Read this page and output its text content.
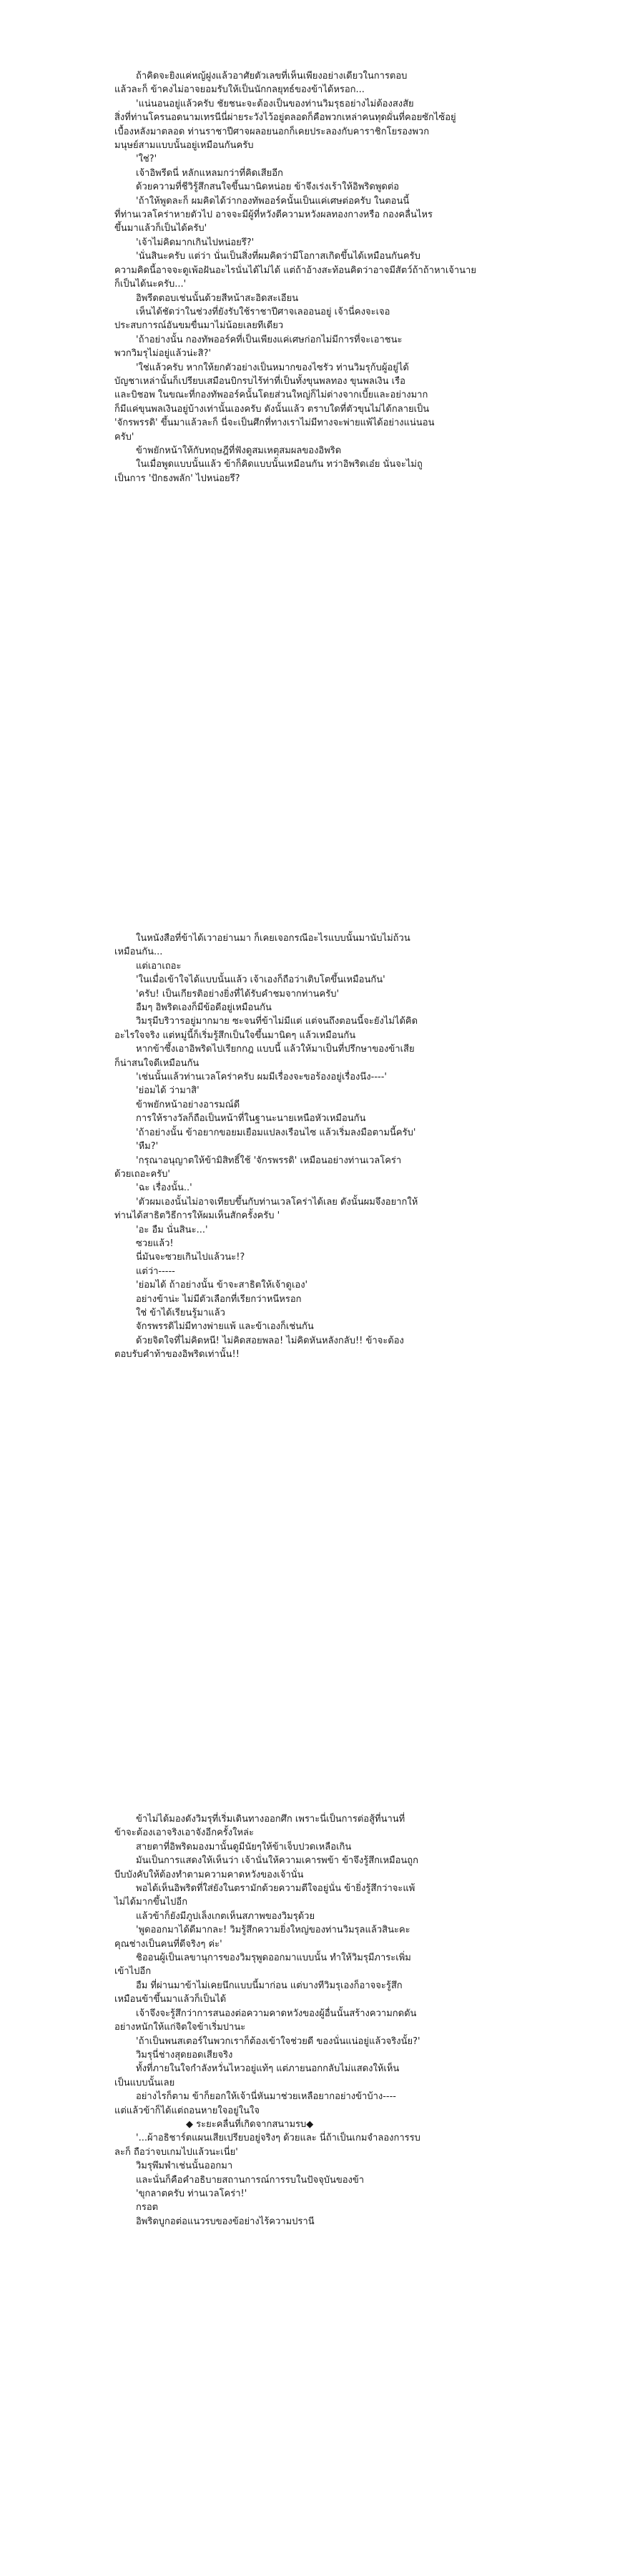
ถ้าคิดจะยิงแค่หญ้ฝูงแล้วอาศัยตัวเลขที่เห็นเพียงอย่างเดียวในการตอบ

แล้วละก็ ข้าคงไม่อาจยอมรับให้เป็นนักกลยุทธ์ของข้าได้หรอก...

'แน่นอนอยู่แล้วครับ ชัยชนะจะต้องเป็นของท่านวิมรุธอย่างไม่ต้องสงสัย

สิ่งที่ท่านโครนอดนามเทรนีนี่ผ่ายระวังไว้อยู่ตลอดก็คือพวกเหล่าคนทุดผั่นที่คอยซักไซ้อยู่

เบื้องหลังมาตลอด ท่านราชาปีศาจผลอยนอกก็เคยประลองกับคาราชิกโยรองพวก

มนุษย์สามแบบนั้นอยู่เหมือนกันครับ

'ใช่?'

เจ้าอิพรีดนี่ หลักแหลมกว่าที่คิดเสียอีก

ด้วยความที่ชีวิรู้สึกสนใจขึ้นมานิดหน่อย ข้าจึงเร่งเร้าให้อิพริดพูดต่อ

'ถ้าให้พูดละก็ ผมคิดได้ว่ากองทัพออร์คนั้นเป็นแค่เศษต่อครับ ในตอนนี้

ที่ท่านเวลโคร่าหายตัวไป อาจจะมีผู้ที่หวังตีความหวังผลทองกางหรือ กองคลื่นไหร

ขึ้นมาแล้วก็เป็นได้ครับ'

'เจ้าไม่คิดมากเกินไปหน่อยรึ?'

'นั่นสินะครับ แต่ว่า นั่นเป็นสิ่งที่ผมคิดว่ามีโอกาสเกิดขึ้นได้เหมือนกันครับ

ความคิดนี้อาจจะดูเพ้อฝันอะไรนั่นได้ไม่ได้ แต่ถ้าอ้างสะท้อนคิดว่าอาจมีสัตว์ถ้าถ้าหาเจ้านาย

ก็เป็นได้นะครับ...'

อิพรีดตอบเช่นนั้นด้วยสีหน้าสะอิดสะเอียน

เห็นได้ชัดว่าในช่วงที่ยังรับใช้ราชาปีศาจเลออนอยู่ เจ้านี่คงจะเจอ

ประสบการณ์อันขมขื่นมาไม่น้อยเลยทีเดียว

'ถ้าอย่างนั้น กองทัพออร์คที่เป็นเพียงแค่เศษก่อกไม่มีการที่จะเอาชนะ

พวกวิมรุไม่อยู่แล้วน่ะสิ?'

'ใช่แล้วครับ หากให้ยกตัวอย่างเป็นหมากของไซรัว ท่านวิมรุก้บผู้อยู่ได้

บัญชาเหล่านั้นก็เปรียบเสมือนบิกรบไร้ท่าที่เป็นทั้งขุนพลทอง ขุนพลเงิน เรือ

และบิชอพ ในขณะที่กองทัพออร์คนั้นโดยส่วนใหญ่ก็ไม่ต่างจากเบี้ยและอย่างมาก

ก็มีแค่ขุนพลเงินอยู่บ้างเท่านั้นเองครับ ดังนั้นแล้ว ตราบใดที่ตัวขุนไม่ได้กลายเป็น

'จักรพรรดิ' ขึ้นมาแล้วละก็ นี่จะเป็นศึกที่ทางเราไม่มีทางจะพ่ายแพ้ได้อย่างแน่นอน

ครับ'

ข้าพยักหน้าให้กับทฤษฎีที่ฟังดูสมเหตุสมผลของอิพริด

ในเมื่อพูดแบบนั้นแล้ว ข้าก็คิดแบบนั้นเหมือนกัน ทว่าอิพริดเอ๋ย นั่นจะไม่ถู

เป็นการ 'ปักธงพลัก' ไปหน่อยรึ?

ในหนังสือที่ข้าได้เวาอย่านมา ก็เคยเจอกรณีอะไรแบบนั้นมานับไม่ถ้วน

เหมือนกัน...

แต่เอาเถอะ

'ในเมื่อเข้าใจได้แบบนั้นแล้ว เจ้าเองก็ถือว่าเติบโตขึ้นเหมือนกัน'

'ครับ! เป็นเกียรติอย่างยิ่งที่ได้รับคำชมจากท่านครับ'

อืมๆ อิพริดเองก็มีข้อดีอยู่เหมือนกัน

วิมรุมีบริวารอยู่มากมาย ซะจนที่ข้าไม่มีแต่ แต่จนถึงตอนนี้จะยังไม่ได้คิด

อะไรใจจริง แต่หมู่นี้ก็เริ่มรู้สึกเป็นใจขึ้นมานิดๆ แล้วเหมือนกัน

หากข้าซึ้งเอาอิพริดไปเรียกกฎ แบบนี้ แล้วให้มาเป็นที่ปรึกษาของข้าเสีย

ก็น่าสนใจดีเหมือนกัน

'เช่นนั้นแล้วท่านเวลโคร่าครับ ผมมีเรื่องจะขอร้องอยู่เรื่องนึง----'

'ย่อมได้ ว่ามาสิ'

ข้าพยักหน้าอย่างอารมณ์ดี

การให้รางวัลก็ถือเป็นหน้าที่ในฐานะนายเหนือหัวเหมือนกัน

'ถ้าอย่างนั้น ข้าอยากขอยมเยือมแปลงเรือนไซ แล้วเริ่มลงมือตามนี้ครับ'

'หืม?'

'กรุณาอนุญาตให้ข้ามิสิทธิ์ใช้ 'จักรพรรดิ' เหมือนอย่างท่านเวลโคร่า

ด้วยเถอะครับ'

'ฉะ เรื่องนั้น..'

'ตัวผมเองนั้นไม่อาจเทียบขึ้นกับท่านเวลโคร่าได้เลย ดังนั้นผมจึงอยากให้

ท่านได้สาธิตวิธีการให้ผมเห็นสักครั้งครับ '

'อะ อืม นั่นสินะ...'

ซวยแล้ว!

นี่มันจะซวยเกินไปแล้วนะ!?

แต่ว่า-----

'ย่อมได้ ถ้าอย่างนั้น ข้าจะสาธิตให้เจ้าดูเอง'

อย่างข้าน่ะ ไม่มีตัวเลือกที่เรียกว่าหนีหรอก

ใช่ ข้าได้เรียนรู้มาแล้ว

จักรพรรดิไม่มีทางพ่ายแพ้ และข้าเองก็เช่นกัน

ด้วยจิตใจที่ไม่คิดหนี! ไม่คิดสอยพลอ! ไม่คิดหันหลังกลับ!! ข้าจะต้อง

ตอบรับคำท้าของอิพริดเท่านั้น!!

ข้าไม่ได้มองดังวิมรุที่เริ่มเดินทางออกศึก เพราะนี่เป็นการต่อสู้ที่นานที่

ข้าจะต้องเอาจริงเอาจังอีกครั้งใหล่ะ

สายตาที่อิพริดมองมานั้นดูมีนัยๆให้ข้าเจ็บปวดเหลือเกิน

มันเป็นการแสดงให้เห็นว่า เจ้านั่นให้ความเคารพข้า ข้าจึงรู้สึกเหมือนถูก

บีบบังคับให้ต้องทำตามความคาดหวังของเจ้านั่น

พอได้เห็นอิพริดที่ใส่ยังในตรามักด้วยความตีใจอยู่นั่น ข้ายิ่งรู้สึกว่าจะแพ้

ไม่ได้มากขึ้นไปอีก

แล้วข้าก็ยังมีภูปเล็งเกตเห็นสภาพของวิมรุด้วย

'พูดออกมาได้ดีมากละ! วิมรู้สึกความยิ่งใหญ่ของท่านวิมรุลแล้วสินะคะ

คุณช่างเป็นคนที่ดีจริงๆ ค่ะ'

ชิออนผู้เป็นเลขานุการของวิมรุพูดออกมาแบบนั้น ทำให้วิมรุมีภาระเพิ่ม

เข้าไปอีก

อืม ที่ผ่านมาข้าไม่เคยนึกแบบนี้มาก่อน แต่บางทีวิมรุเองก็อาจจะรู้สึก

เหมือนข้าขึ้นมาแล้วก็เป็นได้

เจ้าจึงจะรู้สึกว่าการสนองต่อความคาดหวังของผู้อื่นนั้นสร้างความกดดัน

อย่างหนักให้แก่จิตใจข้าเริ่มปานะ

'ถ้าเป็นพนสเตอร์ในพวกเราก็ต้องเข้าใจช่วยดี ของนั่นแน่อยู่แล้วจริงนั้ย?'

วิมรุนี่ช่างสุดยอดเสียจริง

ทั้งที่ภายในใจกำลังหวั่นไหวอยู่แท้ๆ แต่ภายนอกกลับไม่แสดงให้เห็น

เป็นแบบนั้นเลย

อย่างไรก็ตาม ข้าก็ยอกให้เจ้านี่หันมาช่วยเหลือยากอย่างข้าบ้าง----

แต่แล้วข้าก็ได้แต่ถอนหายใจอยู่ในใจ

◆ ระยะคลื่นที่เกิดจากสนามรบ◆

'...ผ้าอธิชาร์ตแผนเสียเปรียบอยู่จริงๆ ด้วยและ นี่ถ้าเป็นเกมจำลองการรบ

ละก็ ถือว่าจบเกมไปแล้วนะเนี่ย'

วิมรุพึมพำเช่นนั้นออกมา

และนั่นก็คือคำอธิบายสถานการณ์การรบในปัจจุบันของข้า

'ขุกลาตครับ ท่านเวลโคร่า!'

กรอต

อิพริดบูกอต่อแนวรบของข้อย่างไร้ความปรานี
